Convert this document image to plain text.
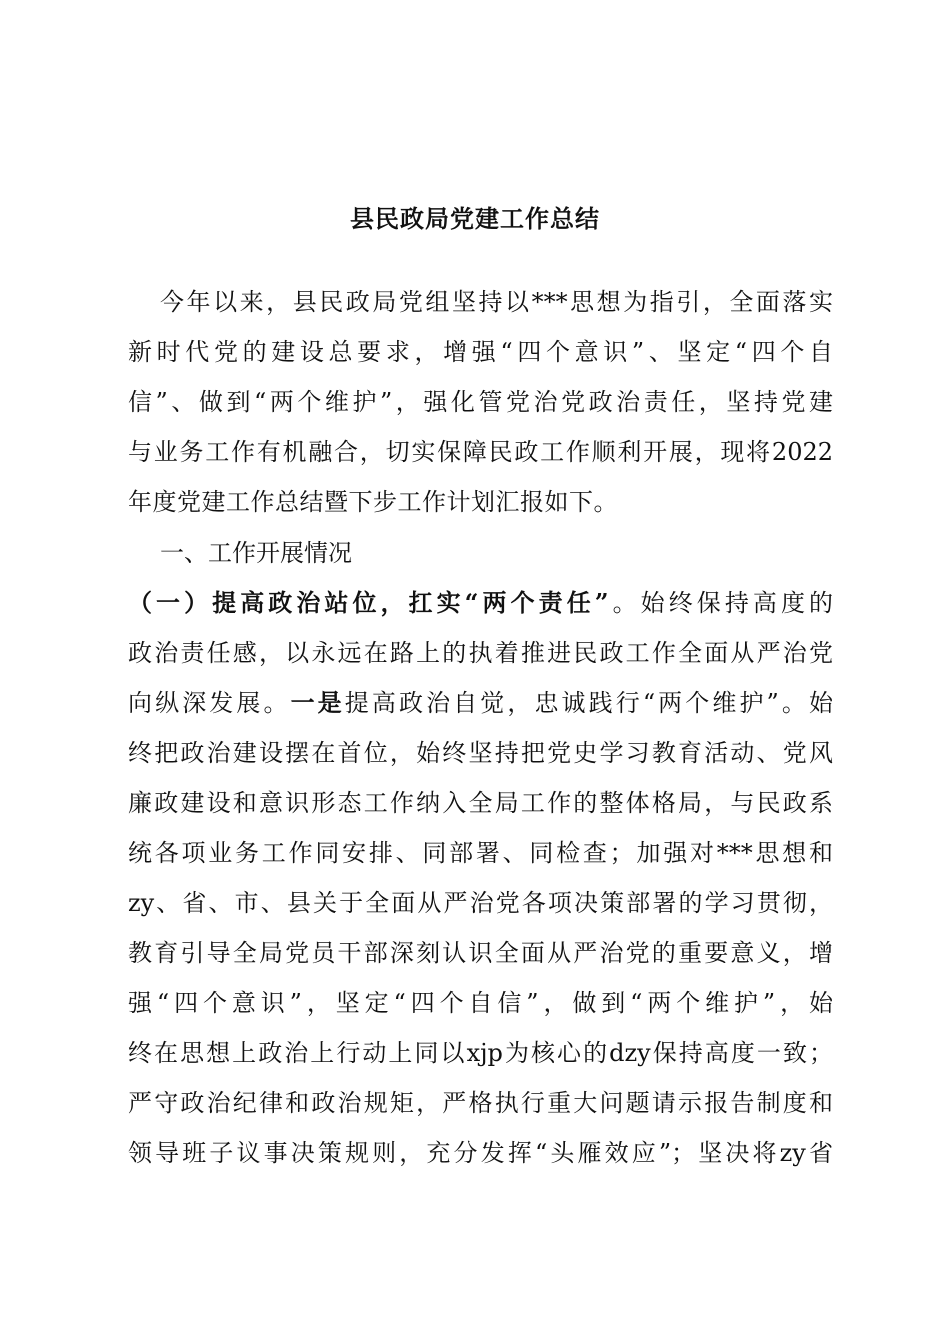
县民政局党建工作总结
今年以来，县民政局党组坚持以***思想为指引，全面落实
新时代党的建设总要求，增强“四个意识”、坚定“四个自
信”、做到“两个维护”，强化管党治党政治责任，坚持党建
与业务工作有机融合，切实保障民政工作顺利开展，现将2022
年度党建工作总结暨下步工作计划汇报如下。
一、工作开展情况
（一）提高政治站位，扛实“两个责任”。始终保持高度的
政治责任感，以永远在路上的执着推进民政工作全面从严治党
向纵深发展。一是提高政治自觉，忠诚践行“两个维护”。始
终把政治建设摆在首位，始终坚持把党史学习教育活动、党风
廉政建设和意识形态工作纳入全局工作的整体格局，与民政系
统各项业务工作同安排、同部署、同检查；加强对***思想和
zy、省、市、县关于全面从严治党各项决策部署的学习贯彻，
教育引导全局党员干部深刻认识全面从严治党的重要意义，增
强“四个意识”，坚定“四个自信”，做到“两个维护”，始
终在思想上政治上行动上同以xjp为核心的dzy保持高度一致；
严守政治纪律和政治规矩，严格执行重大问题请示报告制度和
领导班子议事决策规则，充分发挥“头雁效应”；坚决将zy省
